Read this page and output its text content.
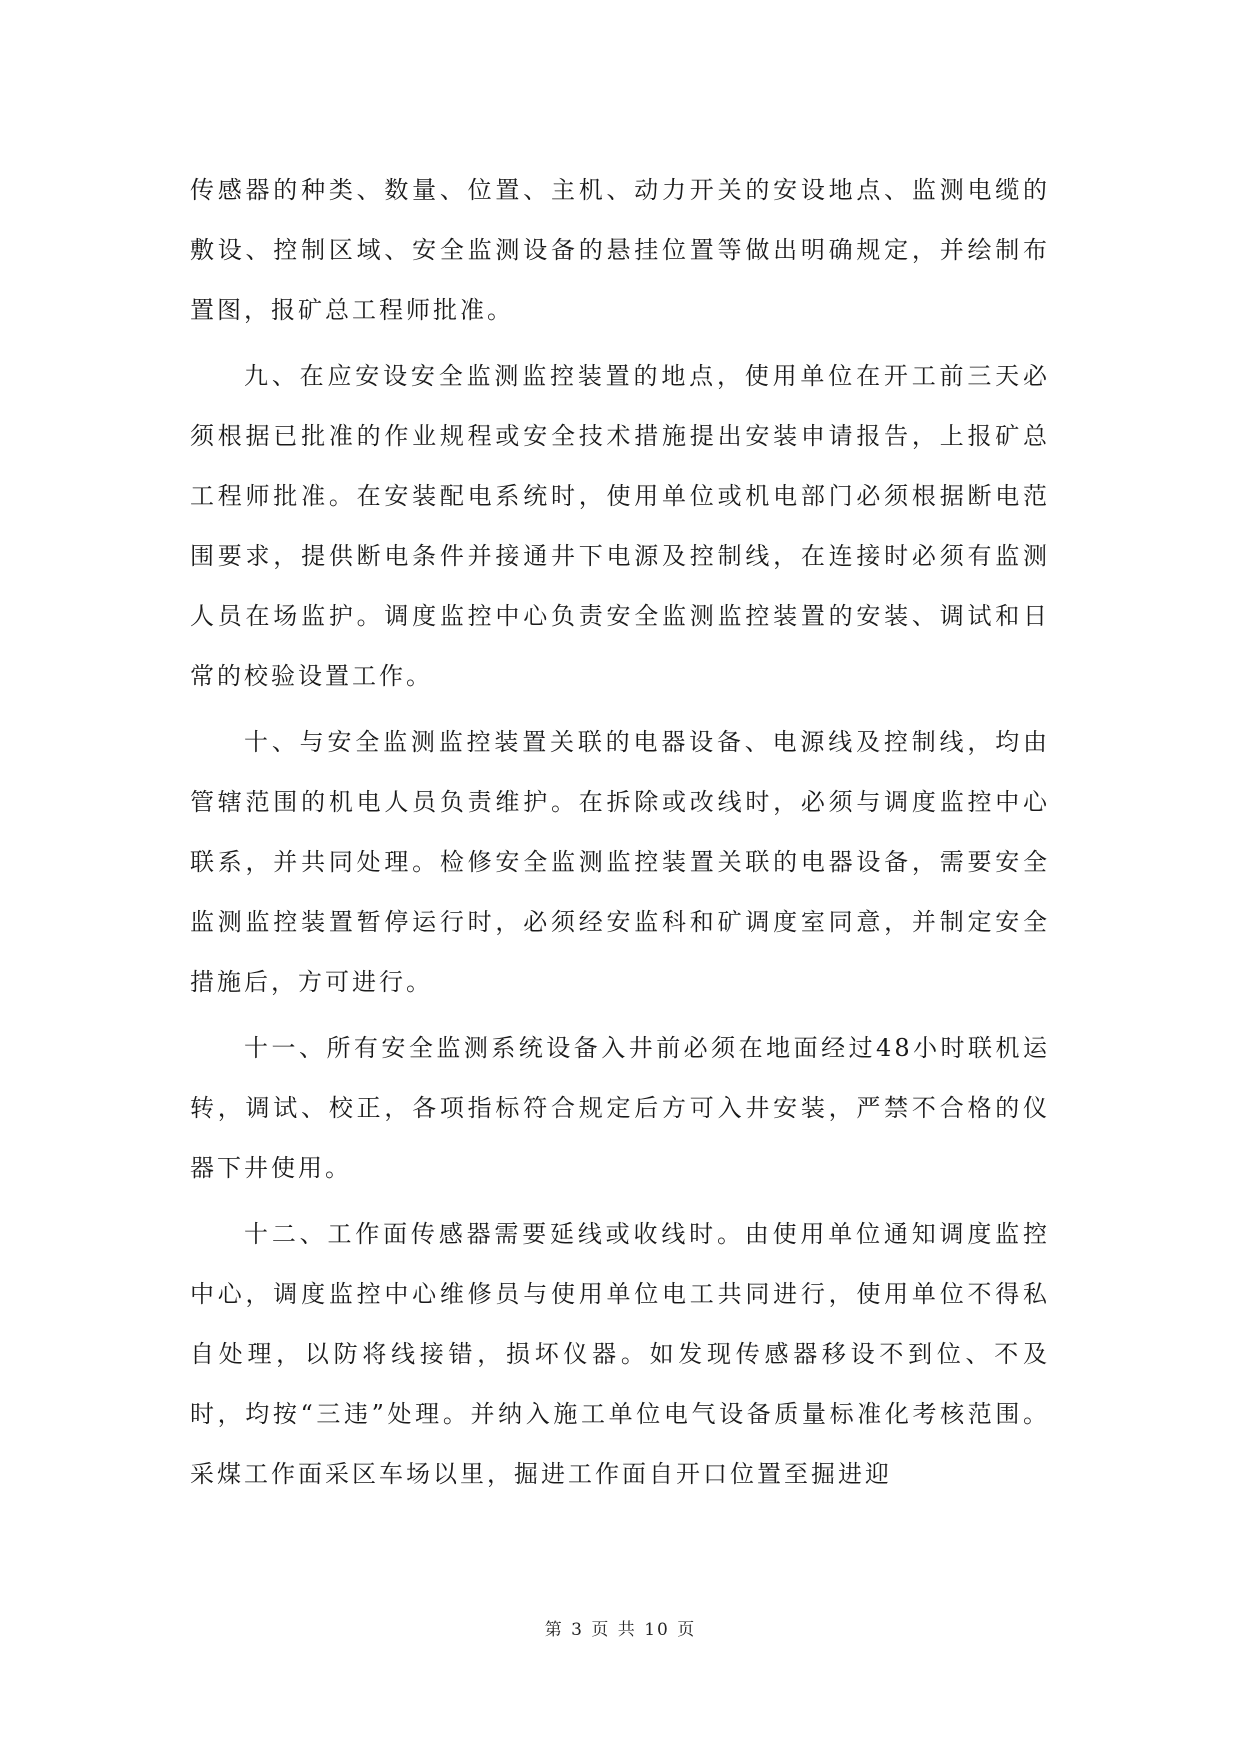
传感器的种类、数量、位置、主机、动力开关的安设地点、监测电缆的敷设、控制区域、安全监测设备的悬挂位置等做出明确规定，并绘制布置图，报矿总工程师批准。

九、在应安设安全监测监控装置的地点，使用单位在开工前三天必须根据已批准的作业规程或安全技术措施提出安装申请报告，上报矿总工程师批准。在安装配电系统时，使用单位或机电部门必须根据断电范围要求，提供断电条件并接通井下电源及控制线，在连接时必须有监测人员在场监护。调度监控中心负责安全监测监控装置的安装、调试和日常的校验设置工作。

十、与安全监测监控装置关联的电器设备、电源线及控制线，均由管辖范围的机电人员负责维护。在拆除或改线时，必须与调度监控中心联系，并共同处理。检修安全监测监控装置关联的电器设备，需要安全监测监控装置暂停运行时，必须经安监科和矿调度室同意，并制定安全措施后，方可进行。

十一、所有安全监测系统设备入井前必须在地面经过48小时联机运转，调试、校正，各项指标符合规定后方可入井安装，严禁不合格的仪器下井使用。

十二、工作面传感器需要延线或收线时。由使用单位通知调度监控中心，调度监控中心维修员与使用单位电工共同进行，使用单位不得私自处理，以防将线接错，损坏仪器。如发现传感器移设不到位、不及时，均按“三违”处理。并纳入施工单位电气设备质量标准化考核范围。采煤工作面采区车场以里，掘进工作面自开口位置至掘进迎

第 3 页 共 10 页
